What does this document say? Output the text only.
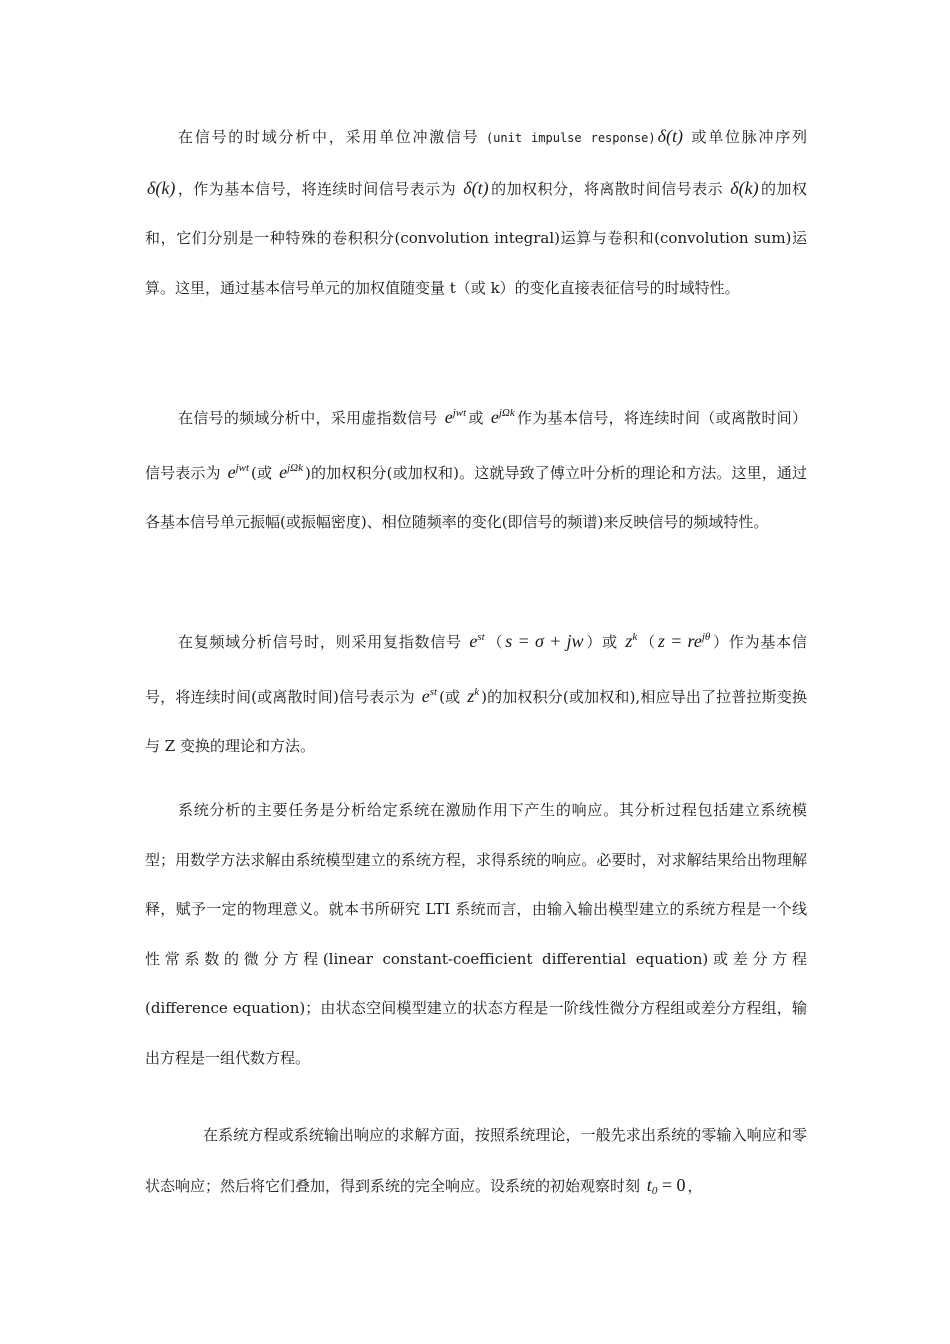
在信号的时域分析中，采用单位冲激信号 (unit impulse response) δ(t) 或单位脉冲序列 δ(k) ，作为基本信号，将连续时间信号表示为 δ(t) 的加权积分，将离散时间信号表示 δ(k) 的加权和，它们分别是一种特殊的卷积积分(convolution integral)运算与卷积和(convolution sum)运算。这里，通过基本信号单元的加权值随变量 t（或 k）的变化直接表征信号的时域特性。

在信号的频域分析中，采用虚指数信号 $e^{jwt}$ 或 $e^{j\Omega k}$ 作为基本信号，将连续时间（或离散时间）信号表示为 $e^{jwt}$ (或 $e^{j\Omega k}$ )的加权积分(或加权和)。这就导致了傅立叶分析的理论和方法。这里，通过各基本信号单元振幅(或振幅密度)、相位随频率的变化(即信号的频谱)来反映信号的频域特性。

在复频域分析信号时，则采用复指数信号 $e^{st}$ （ s = σ + jw ）或 $z^k$ （ $z = re^{j\theta}$ ）作为基本信号，将连续时间(或离散时间)信号表示为 $e^{st}$ (或 $z^k$ )的加权积分(或加权和),相应导出了拉普拉斯变换与 Z 变换的理论和方法。

系统分析的主要任务是分析给定系统在激励作用下产生的响应。其分析过程包括建立系统模型；用数学方法求解由系统模型建立的系统方程，求得系统的响应。必要时，对求解结果给出物理解释，赋予一定的物理意义。就本书所研究 LTI 系统而言，由输入输出模型建立的系统方程是一个线性常系数的微分方程(linear constant-coefficient differential equation)或差分方程(difference equation)；由状态空间模型建立的状态方程是一阶线性微分方程组或差分方程组，输出方程是一组代数方程。

在系统方程或系统输出响应的求解方面，按照系统理论，一般先求出系统的零输入响应和零状态响应；然后将它们叠加，得到系统的完全响应。设系统的初始观察时刻 $t_0 = 0$ ，
